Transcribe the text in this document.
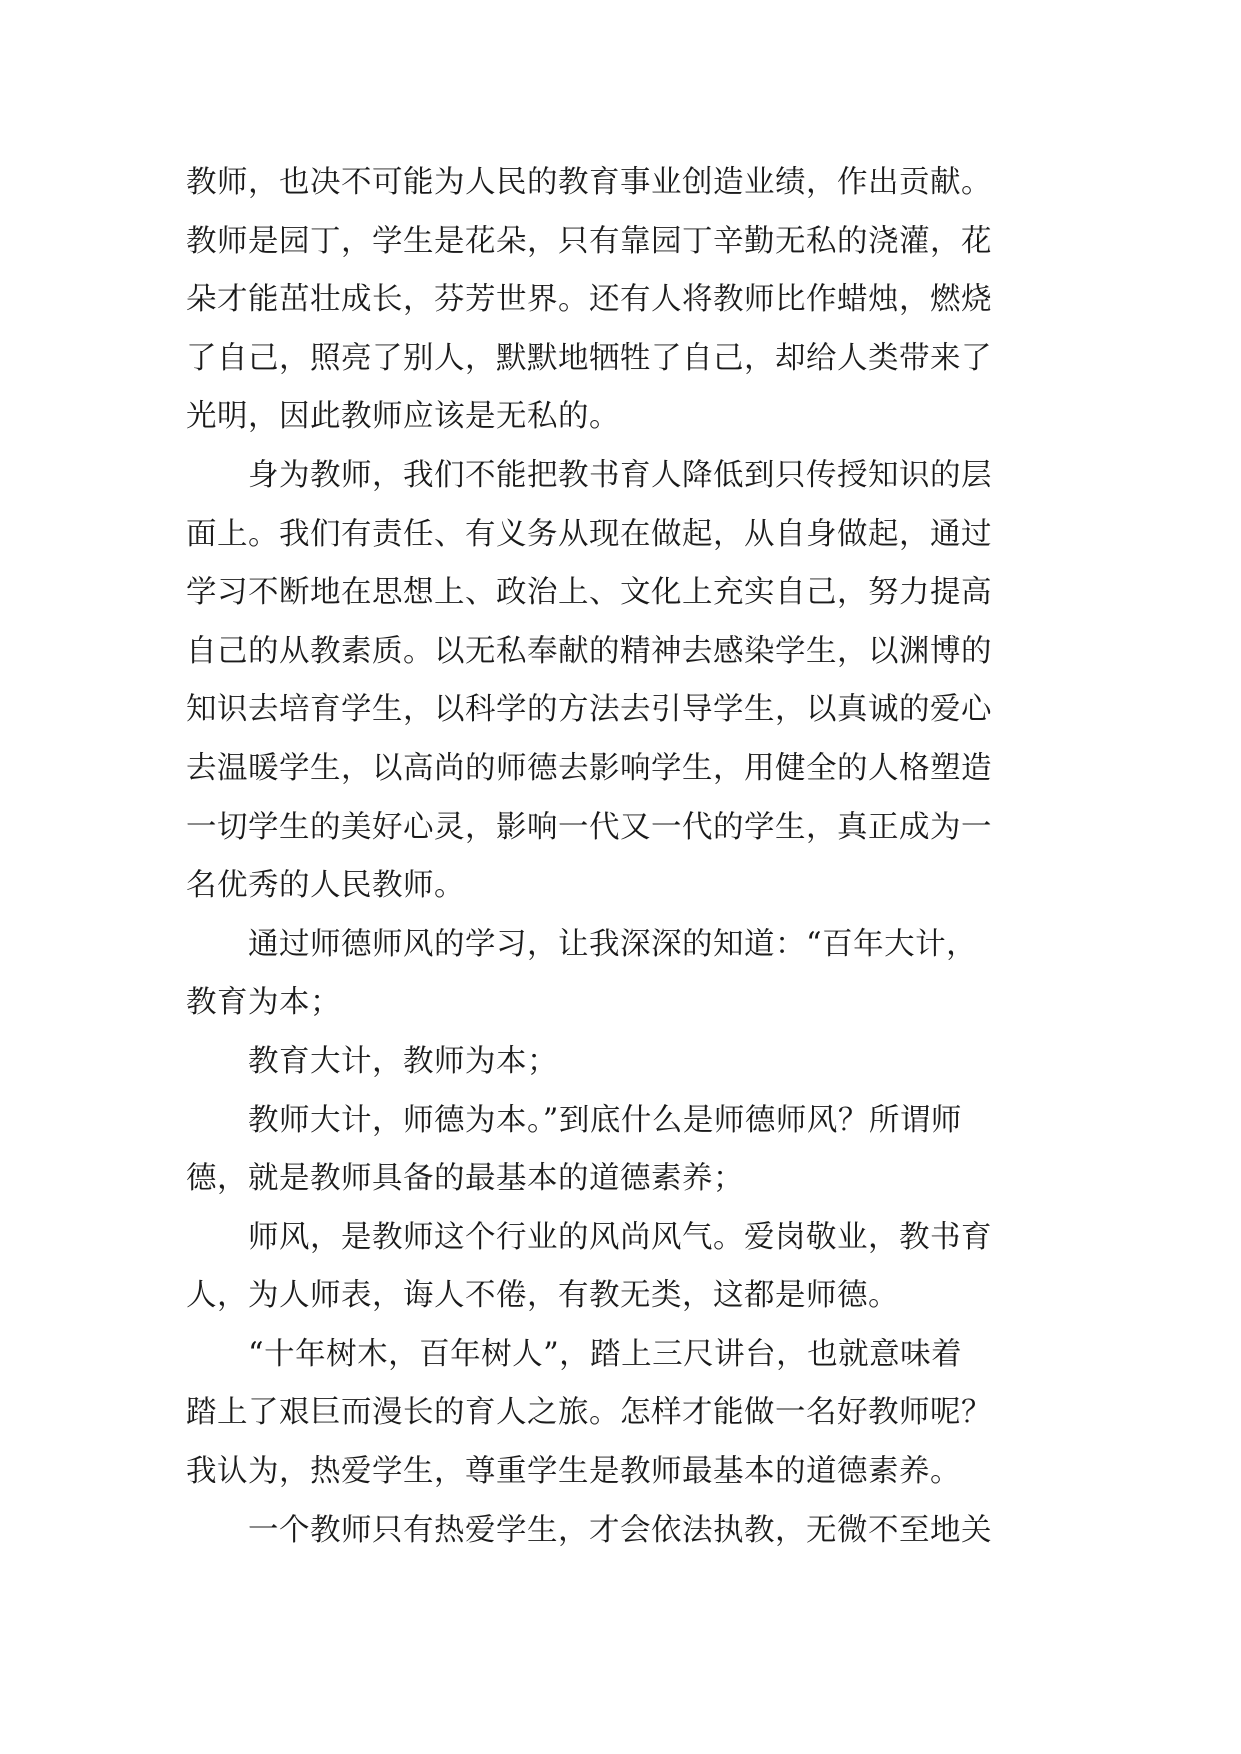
教师，也决不可能为人民的教育事业创造业绩，作出贡献。
教师是园丁，学生是花朵，只有靠园丁辛勤无私的浇灌，花
朵才能茁壮成长，芬芳世界。还有人将教师比作蜡烛，燃烧
了自己，照亮了别人，默默地牺牲了自己，却给人类带来了
光明，因此教师应该是无私的。
身为教师，我们不能把教书育人降低到只传授知识的层
面上。我们有责任、有义务从现在做起，从自身做起，通过
学习不断地在思想上、政治上、文化上充实自己，努力提高
自己的从教素质。以无私奉献的精神去感染学生，以渊博的
知识去培育学生，以科学的方法去引导学生，以真诚的爱心
去温暖学生，以高尚的师德去影响学生，用健全的人格塑造
一切学生的美好心灵，影响一代又一代的学生，真正成为一
名优秀的人民教师。
通过师德师风的学习，让我深深的知道：“百年大计，
教育为本；
教育大计，教师为本；
教师大计，师德为本。”到底什么是师德师风？所谓师
德，就是教师具备的最基本的道德素养；
师风，是教师这个行业的风尚风气。爱岗敬业，教书育
人，为人师表，诲人不倦，有教无类，这都是师德。
“十年树木，百年树人”，踏上三尺讲台，也就意味着
踏上了艰巨而漫长的育人之旅。怎样才能做一名好教师呢？
我认为，热爱学生，尊重学生是教师最基本的道德素养。
一个教师只有热爱学生，才会依法执教，无微不至地关
